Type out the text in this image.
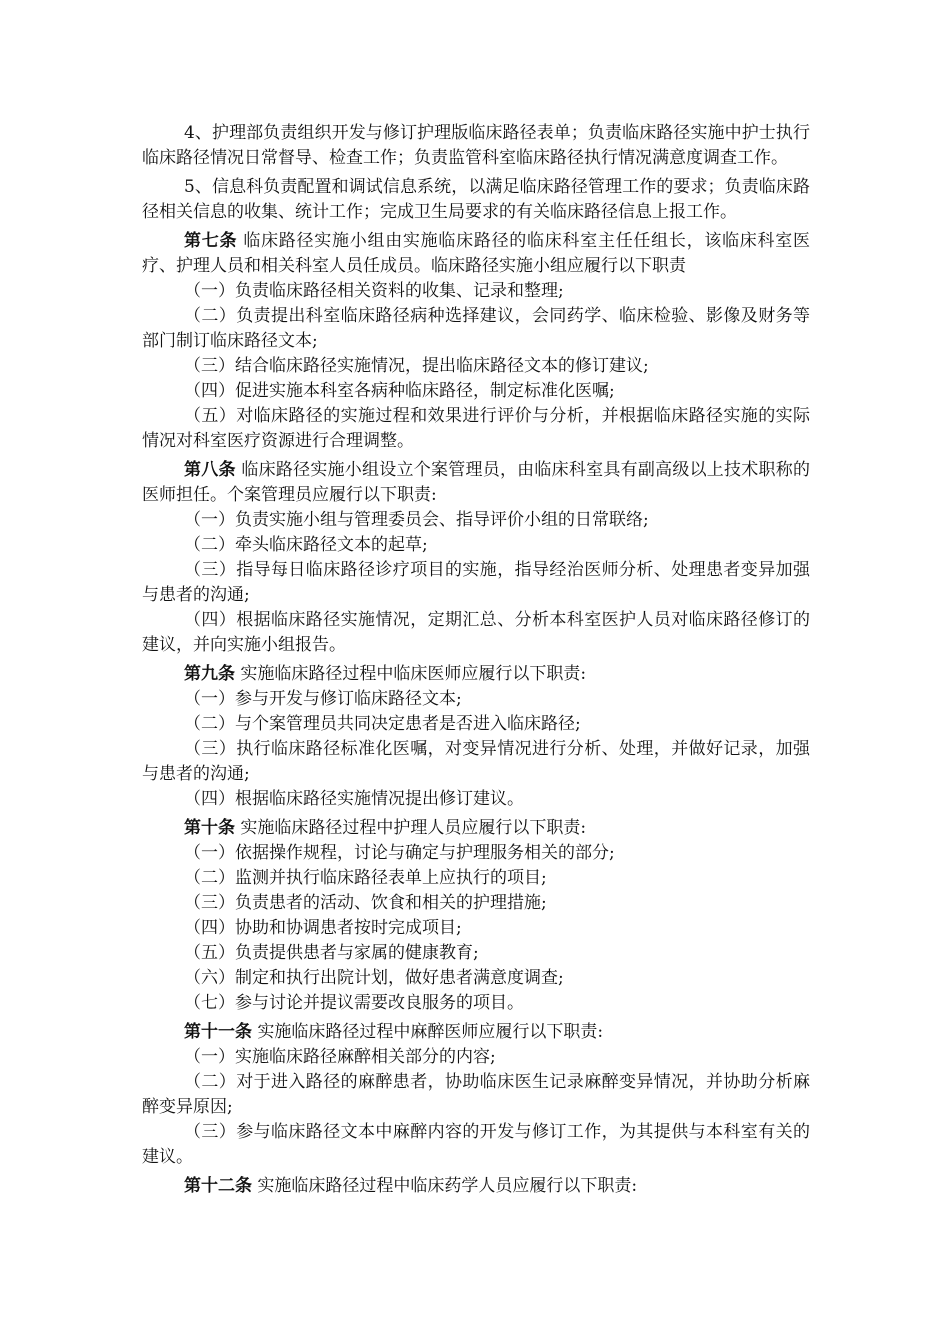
4、护理部负责组织开发与修订护理版临床路径表单；负责临床路径实施中护士执行临床路径情况日常督导、检查工作；负责监管科室临床路径执行情况满意度调查工作。

5、信息科负责配置和调试信息系统，以满足临床路径管理工作的要求；负责临床路径相关信息的收集、统计工作；完成卫生局要求的有关临床路径信息上报工作。

第七条 临床路径实施小组由实施临床路径的临床科室主任任组长，该临床科室医疗、护理人员和相关科室人员任成员。临床路径实施小组应履行以下职责

（一）负责临床路径相关资料的收集、记录和整理;

（二）负责提出科室临床路径病种选择建议，会同药学、临床检验、影像及财务等部门制订临床路径文本;

（三）结合临床路径实施情况，提出临床路径文本的修订建议;

（四）促进实施本科室各病种临床路径，制定标准化医嘱;

（五）对临床路径的实施过程和效果进行评价与分析，并根据临床路径实施的实际情况对科室医疗资源进行合理调整。

第八条 临床路径实施小组设立个案管理员，由临床科室具有副高级以上技术职称的医师担任。个案管理员应履行以下职责:

（一）负责实施小组与管理委员会、指导评价小组的日常联络;

（二）牵头临床路径文本的起草;

（三）指导每日临床路径诊疗项目的实施，指导经治医师分析、处理患者变异加强与患者的沟通;

（四）根据临床路径实施情况，定期汇总、分析本科室医护人员对临床路径修订的建议，并向实施小组报告。

第九条 实施临床路径过程中临床医师应履行以下职责:

（一）参与开发与修订临床路径文本;

（二）与个案管理员共同决定患者是否进入临床路径;

（三）执行临床路径标准化医嘱，对变异情况进行分析、处理，并做好记录，加强与患者的沟通;

（四）根据临床路径实施情况提出修订建议。

第十条 实施临床路径过程中护理人员应履行以下职责:

（一）依据操作规程，讨论与确定与护理服务相关的部分;

（二）监测并执行临床路径表单上应执行的项目;

（三）负责患者的活动、饮食和相关的护理措施;

（四）协助和协调患者按时完成项目;

（五）负责提供患者与家属的健康教育;

（六）制定和执行出院计划，做好患者满意度调查;

（七）参与讨论并提议需要改良服务的项目。

第十一条 实施临床路径过程中麻醉医师应履行以下职责:

（一）实施临床路径麻醉相关部分的内容;

（二）对于进入路径的麻醉患者，协助临床医生记录麻醉变异情况，并协助分析麻醉变异原因;

（三）参与临床路径文本中麻醉内容的开发与修订工作，为其提供与本科室有关的建议。

第十二条 实施临床路径过程中临床药学人员应履行以下职责:
